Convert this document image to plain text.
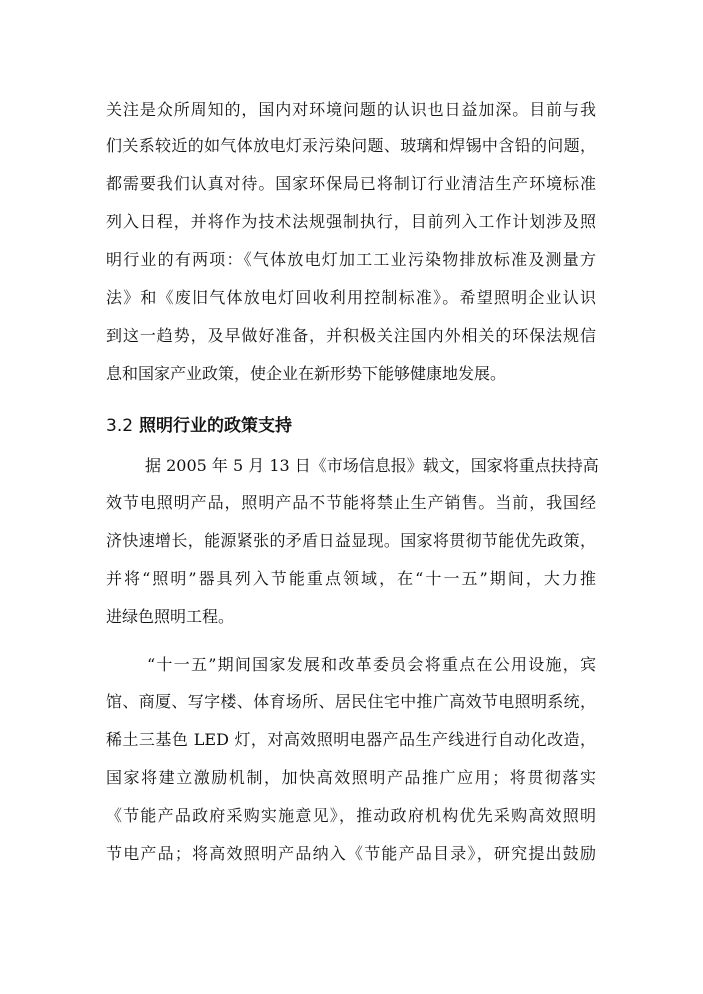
关注是众所周知的，国内对环境问题的认识也日益加深。目前与我
们关系较近的如气体放电灯汞污染问题、玻璃和焊锡中含铅的问题，
都需要我们认真对待。国家环保局已将制订行业清洁生产环境标准
列入日程，并将作为技术法规强制执行，目前列入工作计划涉及照
明行业的有两项：《气体放电灯加工工业污染物排放标准及测量方
法》和《废旧气体放电灯回收利用控制标准》。希望照明企业认识
到这一趋势，及早做好准备，并积极关注国内外相关的环保法规信
息和国家产业政策，使企业在新形势下能够健康地发展。
3.2 照明行业的政策支持
据 2005 年 5 月 13 日《市场信息报》载文，国家将重点扶持高
效节电照明产品，照明产品不节能将禁止生产销售。当前，我国经
济快速增长，能源紧张的矛盾日益显现。国家将贯彻节能优先政策，
并将“照明”器具列入节能重点领域，在“十一五”期间，大力推
进绿色照明工程。
“十一五”期间国家发展和改革委员会将重点在公用设施，宾
馆、商厦、写字楼、体育场所、居民住宅中推广高效节电照明系统，
稀土三基色 LED 灯，对高效照明电器产品生产线进行自动化改造，
国家将建立激励机制，加快高效照明产品推广应用；将贯彻落实
《节能产品政府采购实施意见》，推动政府机构优先采购高效照明
节电产品；将高效照明产品纳入《节能产品目录》，研究提出鼓励
